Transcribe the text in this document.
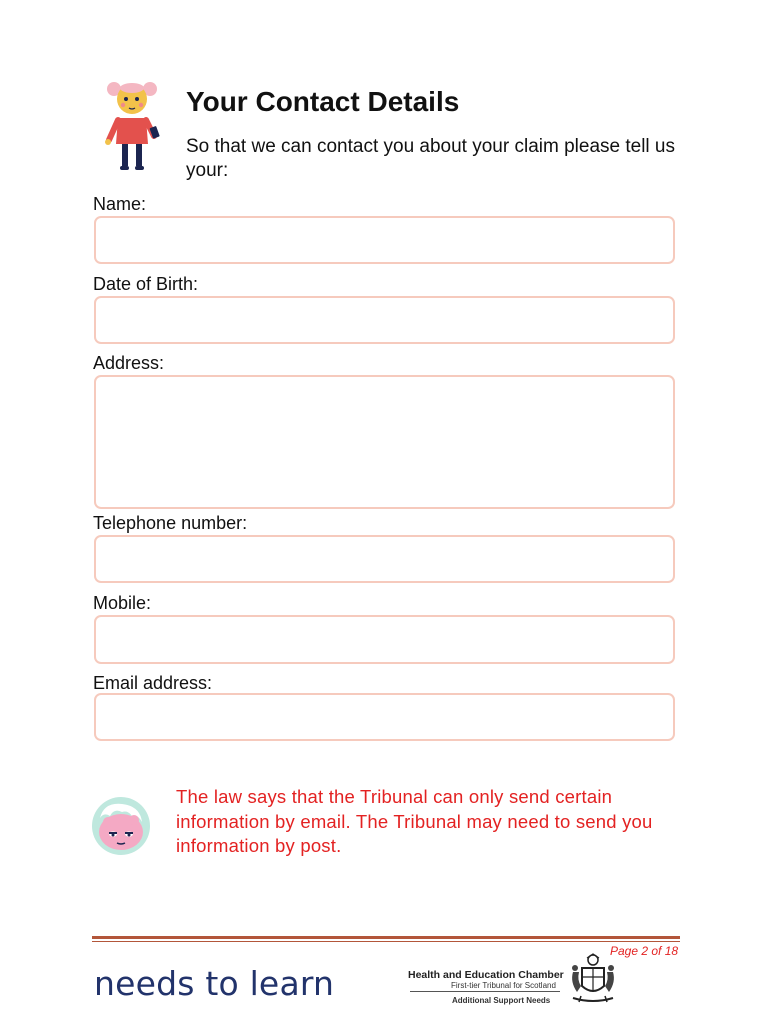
Your Contact Details
So that we can contact you about your claim please tell us your:
Name:
Date of Birth:
Address:
Telephone number:
Mobile:
Email address:
The law says that the Tribunal can only send certain information by email. The Tribunal may need to send you information by post.
Page 2 of 18
needs to learn	Health and Education Chamber
First-tier Tribunal for Scotland
Additional Support Needs
